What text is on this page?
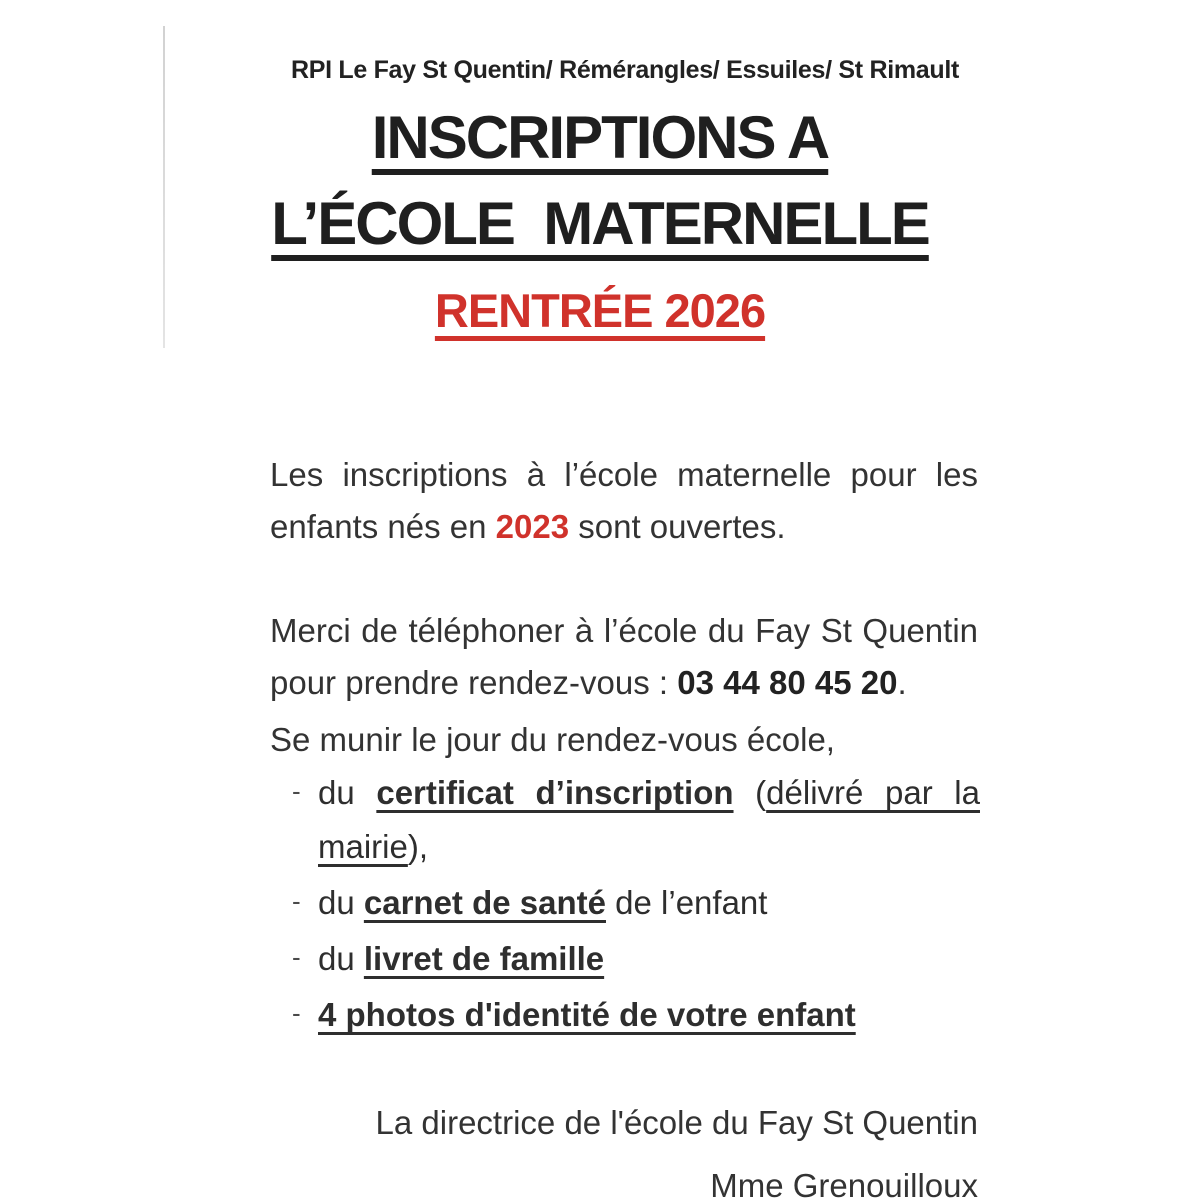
RPI Le Fay St Quentin/ Rémérangles/ Essuiles/ St Rimault
INSCRIPTIONS A
L’ÉCOLE  MATERNELLE
RENTRÉE 2026

Les inscriptions à l’école maternelle pour les enfants nés en 2023 sont ouvertes.

Merci de téléphoner à l’école du Fay St Quentin pour prendre rendez-vous : 03 44 80 45 20.

Se munir le jour du rendez-vous école,
- du certificat d’inscription (délivré par la mairie),
- du carnet de santé de l’enfant
- du livret de famille
- 4 photos d'identité de votre enfant
La directrice de l'école du Fay St Quentin
Mme Grenouilloux
